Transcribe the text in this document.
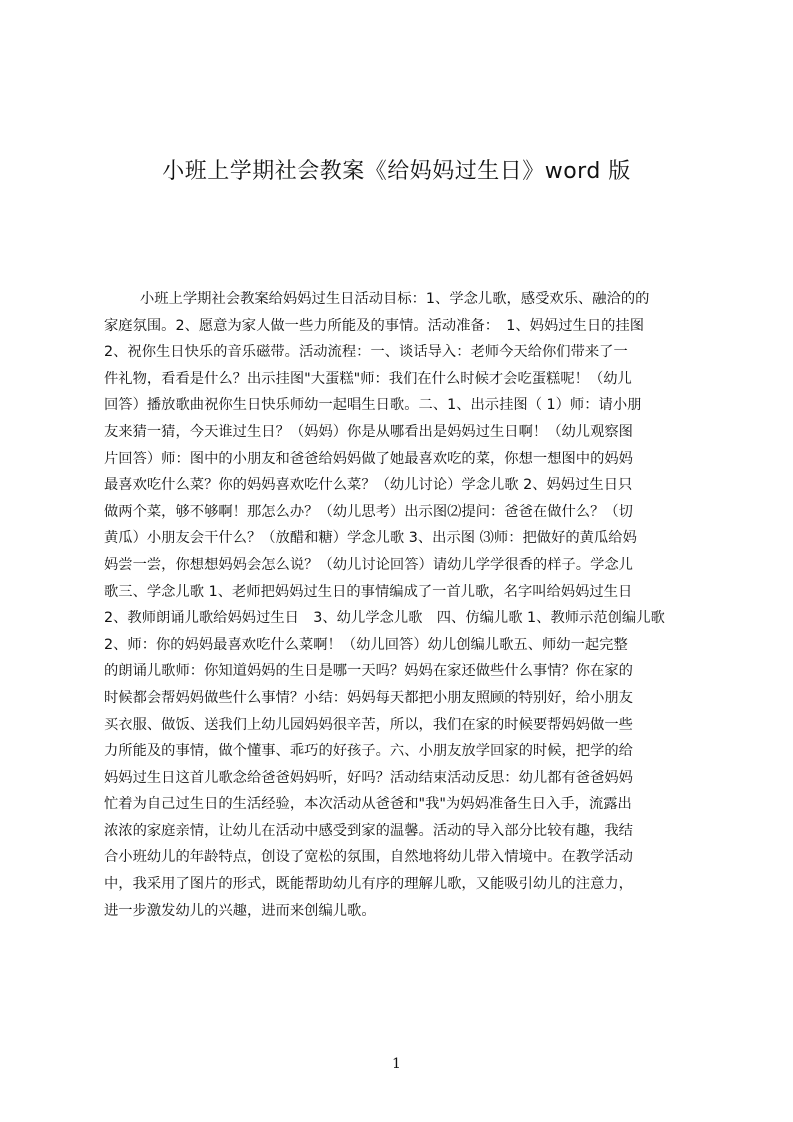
小班上学期社会教案《给妈妈过生日》word 版
小班上学期社会教案给妈妈过生日活动目标：1、学念儿歌，感受欢乐、融洽的的
家庭氛围。2、愿意为家人做一些力所能及的事情。活动准备：　1、妈妈过生日的挂图
2、祝你生日快乐的音乐磁带。活动流程：一、谈话导入：老师今天给你们带来了一
件礼物，看看是什么？出示挂图"大蛋糕"师：我们在什么时候才会吃蛋糕呢！（幼儿
回答）播放歌曲祝你生日快乐师幼一起唱生日歌。二、1、出示挂图（ 1）师：请小朋
友来猜一猜，今天谁过生日？（妈妈）你是从哪看出是妈妈过生日啊！（幼儿观察图
片回答）师：图中的小朋友和爸爸给妈妈做了她最喜欢吃的菜，你想一想图中的妈妈
最喜欢吃什么菜？你的妈妈喜欢吃什么菜？（幼儿讨论）学念儿歌 2、妈妈过生日只
做两个菜，够不够啊！那怎么办？（幼儿思考）出示图⑵提问：爸爸在做什么？（切
黄瓜）小朋友会干什么？（放醋和糖）学念儿歌 3、出示图 ⑶师：把做好的黄瓜给妈
妈尝一尝，你想想妈妈会怎么说？（幼儿讨论回答）请幼儿学学很香的样子。学念儿
歌三、学念儿歌 1、老师把妈妈过生日的事情编成了一首儿歌，名字叫给妈妈过生日
2、教师朗诵儿歌给妈妈过生日　3、幼儿学念儿歌　四、仿编儿歌 1、教师示范创编儿歌
2、师：你的妈妈最喜欢吃什么菜啊！（幼儿回答）幼儿创编儿歌五、师幼一起完整
的朗诵儿歌师：你知道妈妈的生日是哪一天吗？妈妈在家还做些什么事情？你在家的
时候都会帮妈妈做些什么事情？小结：妈妈每天都把小朋友照顾的特别好，给小朋友
买衣服、做饭、送我们上幼儿园妈妈很辛苦，所以，我们在家的时候要帮妈妈做一些
力所能及的事情，做个懂事、乖巧的好孩子。六、小朋友放学回家的时候，把学的给
妈妈过生日这首儿歌念给爸爸妈妈听，好吗？活动结束活动反思：幼儿都有爸爸妈妈
忙着为自己过生日的生活经验，本次活动从爸爸和"我"为妈妈准备生日入手，流露出
浓浓的家庭亲情，让幼儿在活动中感受到家的温馨。活动的导入部分比较有趣，我结
合小班幼儿的年龄特点，创设了宽松的氛围，自然地将幼儿带入情境中。在教学活动
中，我采用了图片的形式，既能帮助幼儿有序的理解儿歌，又能吸引幼儿的注意力，
进一步激发幼儿的兴趣，进而来创编儿歌。
1
